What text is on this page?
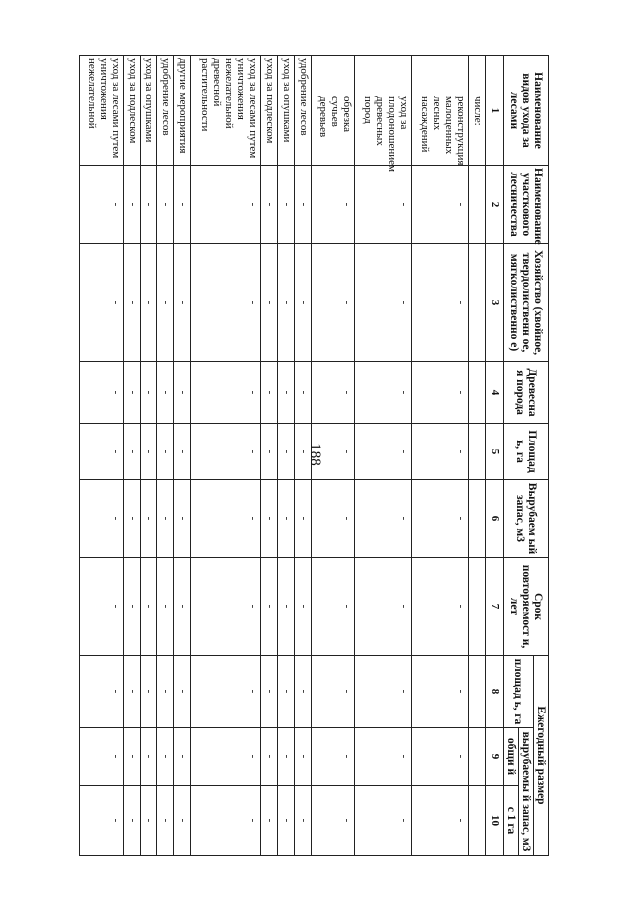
Наименование видов ухода за лесами	Наименование участкового лесничества	Хозяйство (хвойное, твердолиственн ое, мягколиственно е)	Древесна я порода	Площад ь, га	Вырубаем ый запас, м3	Срок повторяемост и, лет	Ежегодный размер		
							площад ь, га	вырубаемы й запас, м3	
								общи й	с 1 га
1	2	3	4	5	6	7	8	9	10
числе:									
реконструкция малоценных лесных насаждений	-	-	-	-	-	-	-	-	-
уход за плодоношением древесных пород	-	-	-	-	-	-	-	-	-
обрезка сучьев деревьев	-	-	-	-	-	-	-	-	-
удобрение лесов	-	-	-	-	-	-	-	-	-
уход за опушками	-	-	-	-	-	-	-	-	-
уход за подлеском	-	-	-	-	-	-	-	-	-
уход за лесами путем уничтожения нежелательной древесной растительности	-	-	-	-	-	-	-	-	-
другие мероприятия	-	-	-	-	-	-	-	-	-
удобрение лесов	-	-	-	-	-	-	-	-	-
уход за опушками	-	-	-	-	-	-	-	-	-
уход за подлеском	-	-	-	-	-	-	-	-	-
уход за лесами путем уничтожения нежелательной	-	-	-	-	-	-	-	-	-
188
